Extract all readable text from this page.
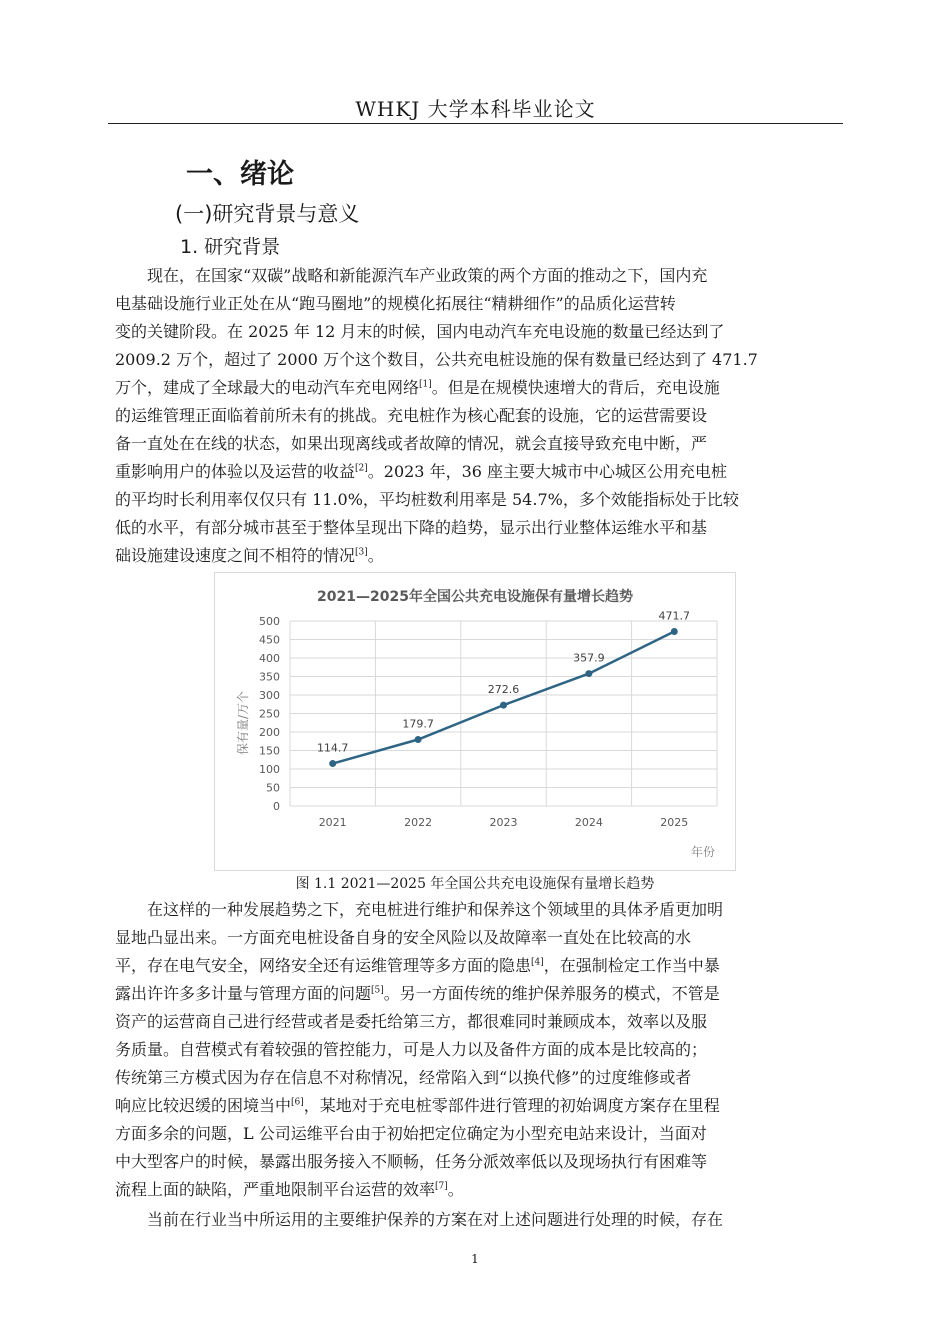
WHKJ 大学本科毕业论文
一、绪论
(一)研究背景与意义
1. 研究背景

现在，在国家“双碳”战略和新能源汽车产业政策的两个方面的推动之下，国内充
电基础设施行业正处在从“跑马圈地”的规模化拓展往“精耕细作”的品质化运营转
变的关键阶段。在 2025 年 12 月末的时候，国内电动汽车充电设施的数量已经达到了
2009.2 万个，超过了 2000 万个这个数目，公共充电桩设施的保有数量已经达到了 471.7
万个，建成了全球最大的电动汽车充电网络[1]。但是在规模快速增大的背后，充电设施
的运维管理正面临着前所未有的挑战。充电桩作为核心配套的设施，它的运营需要设
备一直处在在线的状态，如果出现离线或者故障的情况，就会直接导致充电中断，严
重影响用户的体验以及运营的收益[2]。2023 年，36 座主要大城市中心城区公用充电桩
的平均时长利用率仅仅只有 11.0%，平均桩数利用率是 54.7%，多个效能指标处于比较
低的水平，有部分城市甚至于整体呈现出下降的趋势，显示出行业整体运维水平和基
础设施建设速度之间不相符的情况[3]。

2021—2025年全国公共充电设施保有量增长趋势
0
50
100
150
200
250
300
350
400
450
500
2021	2022	2023	2024	2025
114.7
179.7
272.6
357.9
471.7
保有量/万个
年份
图 1.1 2021—2025 年全国公共充电设施保有量增长趋势

在这样的一种发展趋势之下，充电桩进行维护和保养这个领域里的具体矛盾更加明
显地凸显出来。一方面充电桩设备自身的安全风险以及故障率一直处在比较高的水
平，存在电气安全，网络安全还有运维管理等多方面的隐患[4]，在强制检定工作当中暴
露出许许多多计量与管理方面的问题[5]。另一方面传统的维护保养服务的模式，不管是
资产的运营商自己进行经营或者是委托给第三方，都很难同时兼顾成本，效率以及服
务质量。自营模式有着较强的管控能力，可是人力以及备件方面的成本是比较高的；
传统第三方模式因为存在信息不对称情况，经常陷入到“以换代修”的过度维修或者
响应比较迟缓的困境当中[6]，某地对于充电桩零部件进行管理的初始调度方案存在里程
方面多余的问题，L 公司运维平台由于初始把定位确定为小型充电站来设计，当面对
中大型客户的时候，暴露出服务接入不顺畅，任务分派效率低以及现场执行有困难等
流程上面的缺陷，严重地限制平台运营的效率[7]。

当前在行业当中所运用的主要维护保养的方案在对上述问题进行处理的时候，存在

1
